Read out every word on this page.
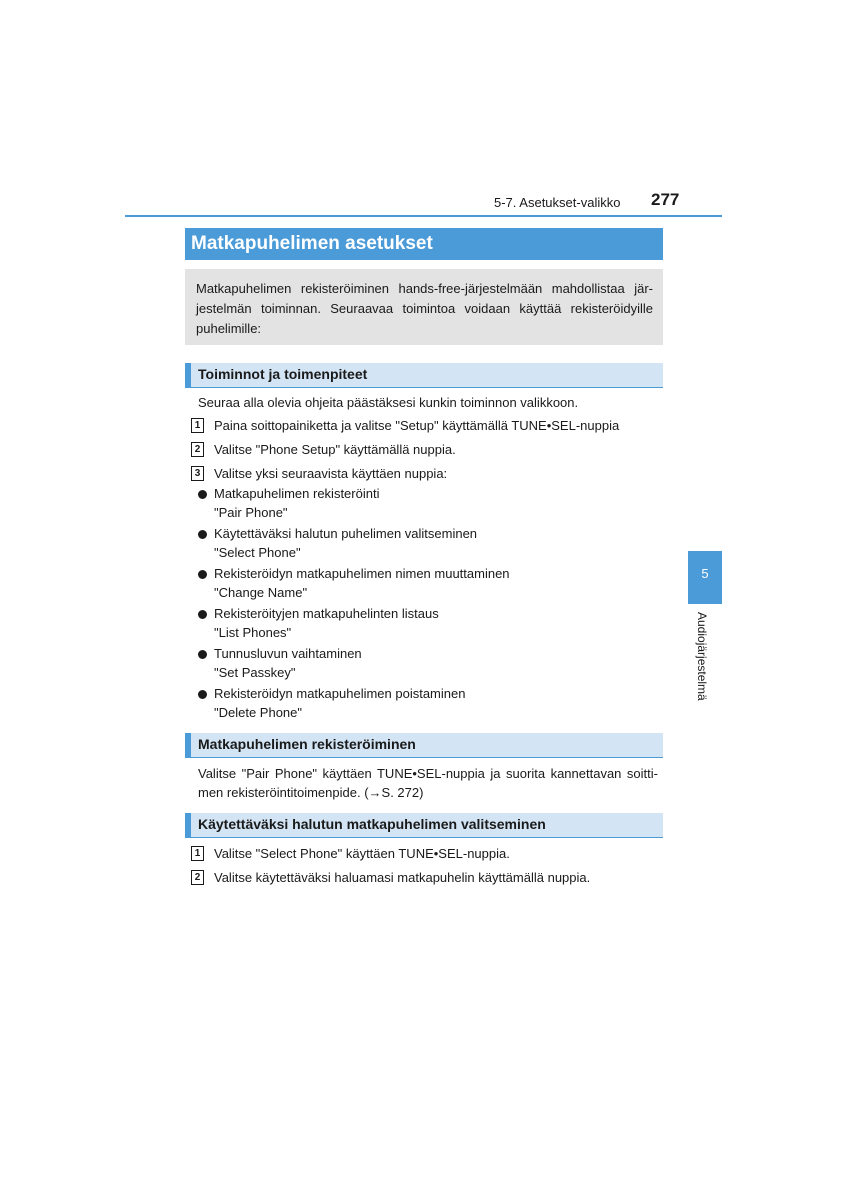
5-7. Asetukset-valikko 277
Matkapuhelimen asetukset
Matkapuhelimen rekisteröiminen hands-free-järjestelmään mahdollistaa jär-
jestelmän toiminnan. Seuraavaa toimintoa voidaan käyttää rekisteröidyille
puhelimille:
Toiminnot ja toimenpiteet
Seuraa alla olevia ohjeita päästäksesi kunkin toiminnon valikkoon.
1 Paina soittopainiketta ja valitse "Setup" käyttämällä TUNE•SEL-nuppia
2 Valitse "Phone Setup" käyttämällä nuppia.
3 Valitse yksi seuraavista käyttäen nuppia:
Matkapuhelimen rekisteröinti
"Pair Phone"
Käytettäväksi halutun puhelimen valitseminen
"Select Phone"
Rekisteröidyn matkapuhelimen nimen muuttaminen
"Change Name"
Rekisteröityjen matkapuhelinten listaus
"List Phones"
Tunnusluvun vaihtaminen
"Set Passkey"
Rekisteröidyn matkapuhelimen poistaminen
"Delete Phone"
Matkapuhelimen rekisteröiminen
Valitse "Pair Phone" käyttäen TUNE•SEL-nuppia ja suorita kannettavan soitti-
men rekisteröintitoimenpide. (→S. 272)
Käytettäväksi halutun matkapuhelimen valitseminen
1 Valitse "Select Phone" käyttäen TUNE•SEL-nuppia.
2 Valitse käytettäväksi haluamasi matkapuhelin käyttämällä nuppia.
5
Audiojärjestelmä
